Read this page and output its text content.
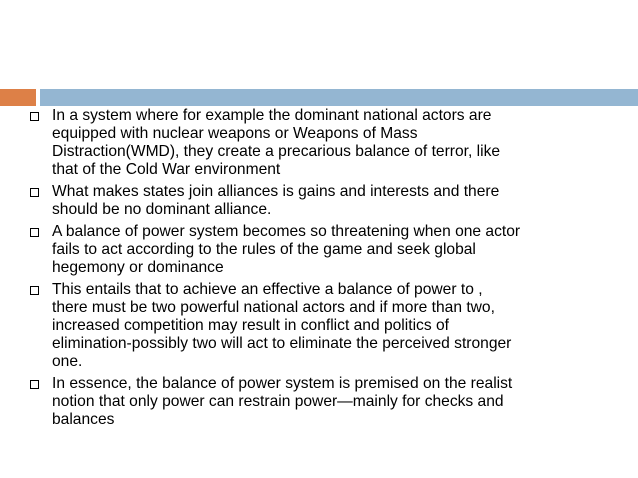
In a system where for example the dominant national actors are
equipped with nuclear weapons or Weapons of Mass
Distraction(WMD), they create a precarious balance of terror, like
that of the Cold War environment
What makes states join alliances is gains and interests and there
should be no dominant alliance.
A balance of power system becomes so threatening when one actor
fails to act according to the rules of the game and seek global
hegemony or dominance
This entails that to achieve an effective a balance of power to ,
there must be two powerful national actors and if more than two,
increased competition may result in conflict and politics of
elimination-possibly two will act to eliminate the perceived stronger
one.
In essence, the balance of power system is premised on the realist
notion that only power can restrain power—mainly for checks and
balances
